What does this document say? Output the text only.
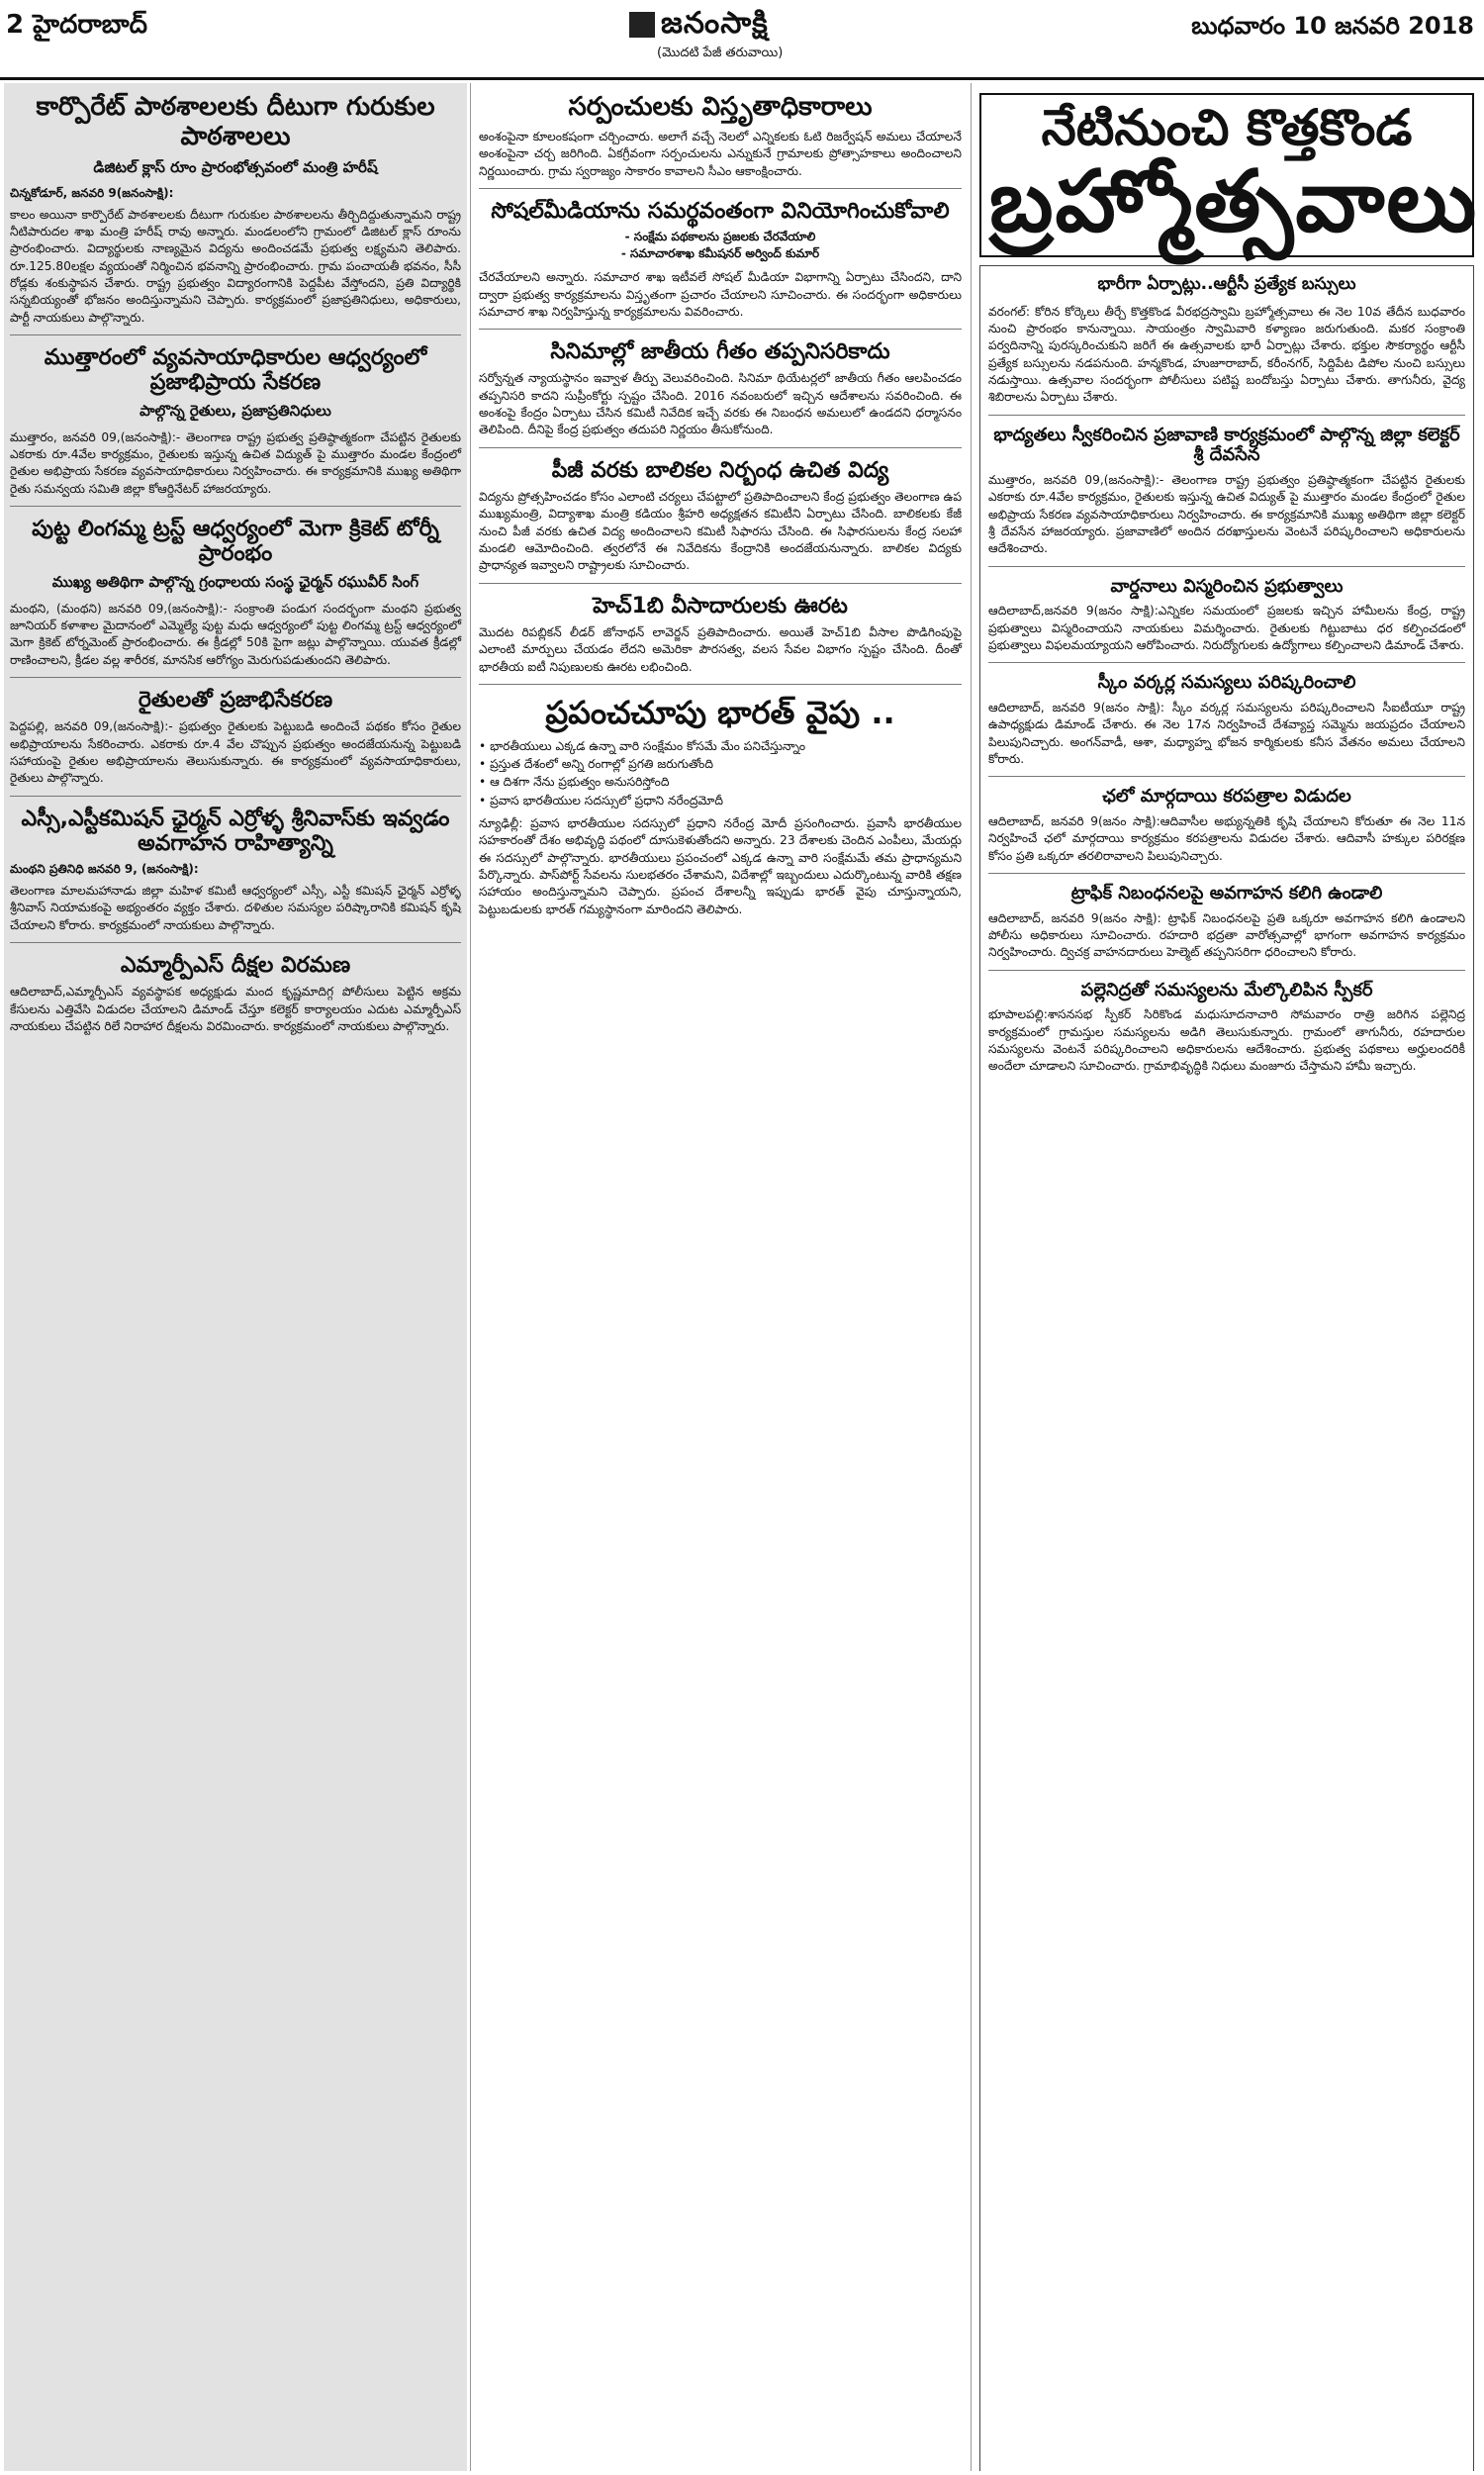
2 హైదరాబాద్	జనంసాక్షి
(మొదటి పేజీ తరువాయి)
బుధవారం 10 జనవరి 2018
కార్పొరేట్ పాఠశాలలకు దీటుగా గురుకుల పాఠశాలలు
డిజిటల్ క్లాస్ రూం ప్రారంభోత్సవంలో మంత్రి హరీష్
చిన్నకోడూర్, జనవరి 9(జనంసాక్షి):

కాలం అయినా కార్పొరేట్ పాఠశాలలకు దీటుగా గురుకుల పాఠశాలలను తీర్చిదిద్దుతున్నామని రాష్ట్ర నీటిపారుదల శాఖ మంత్రి హరీష్ రావు అన్నారు. మండలంలోని గ్రామంలో డిజిటల్ క్లాస్ రూంను ప్రారంభించారు. విద్యార్థులకు నాణ్యమైన విద్యను అందించడమే ప్రభుత్వ లక్ష్యమని తెలిపారు. రూ.125.80లక్షల వ్యయంతో నిర్మించిన భవనాన్ని ప్రారంభించారు. గ్రామ పంచాయతీ భవనం, సీసీ రోడ్లకు శంకుస్థాపన చేశారు. రాష్ట్ర ప్రభుత్వం విద్యారంగానికి పెద్దపీట వేస్తోందని, ప్రతి విద్యార్థికి సన్నబియ్యంతో భోజనం అందిస్తున్నామని చెప్పారు. కార్యక్రమంలో ప్రజాప్రతినిధులు, అధికారులు, పార్టీ నాయకులు పాల్గొన్నారు.

ముత్తారంలో వ్యవసాయాధికారుల ఆధ్వర్యంలో ప్రజాభిప్రాయ సేకరణ
పాల్గొన్న రైతులు, ప్రజాప్రతినిధులు

ముత్తారం, జనవరి 09,(జనంసాక్షి):- తెలంగాణ రాష్ట్ర ప్రభుత్వ ప్రతిష్ఠాత్మకంగా చేపట్టిన రైతులకు ఎకరాకు రూ.4వేల కార్యక్రమం, రైతులకు ఇస్తున్న ఉచిత విద్యుత్ పై ముత్తారం మండల కేంద్రంలో రైతుల అభిప్రాయ సేకరణ వ్యవసాయాధికారులు నిర్వహించారు. ఈ కార్యక్రమానికి ముఖ్య అతిథిగా రైతు సమన్వయ సమితి జిల్లా కోఆర్డినేటర్ హాజరయ్యారు.

పుట్ట లింగమ్మ ట్రస్ట్ ఆధ్వర్యంలో మెగా క్రికెట్ టోర్నీ ప్రారంభం
ముఖ్య అతిథిగా పాల్గొన్న గ్రంధాలయ సంస్థ ఛైర్మన్ రఘువీర్ సింగ్

మంథని, (మంథని) జనవరి 09,(జనంసాక్షి):- సంక్రాంతి పండుగ సందర్భంగా మంథని ప్రభుత్వ జూనియర్ కళాశాల మైదానంలో ఎమ్మెల్యే పుట్ట మధు ఆధ్వర్యంలో పుట్ట లింగమ్మ ట్రస్ట్ ఆధ్వర్యంలో మెగా క్రికెట్ టోర్నమెంట్ ప్రారంభించారు. ఈ క్రీడల్లో 50కి పైగా జట్లు పాల్గొన్నాయి. యువత క్రీడల్లో రాణించాలని, క్రీడల వల్ల శారీరక, మానసిక ఆరోగ్యం మెరుగుపడుతుందని తెలిపారు.

రైతులతో ప్రజాభిసేకరణ

పెద్దపల్లి, జనవరి 09,(జనంసాక్షి):- ప్రభుత్వం రైతులకు పెట్టుబడి అందించే పథకం కోసం రైతుల అభిప్రాయాలను సేకరించారు. ఎకరాకు రూ.4 వేల చొప్పున ప్రభుత్వం అందజేయనున్న పెట్టుబడి సహాయంపై రైతుల అభిప్రాయాలను తెలుసుకున్నారు. ఈ కార్యక్రమంలో వ్యవసాయాధికారులు, రైతులు పాల్గొన్నారు.

ఎస్సీ,ఎస్టీకమిషన్ ఛైర్మన్ ఎర్రోళ్ళ శ్రీనివాస్‌కు ఇవ్వడం అవగాహన రాహిత్యాన్ని
మంథని ప్రతినిధి జనవరి 9, (జనంసాక్షి):

తెలంగాణ మాలమహానాడు జిల్లా మహిళ కమిటీ ఆధ్వర్యంలో ఎస్సీ, ఎస్టీ కమిషన్ ఛైర్మన్ ఎర్రోళ్ళ శ్రీనివాస్ నియామకంపై అభ్యంతరం వ్యక్తం చేశారు. దళితుల సమస్యల పరిష్కారానికి కమిషన్ కృషి చేయాలని కోరారు. కార్యక్రమంలో నాయకులు పాల్గొన్నారు.

ఎమ్మార్పీఎస్ దీక్షల విరమణ

ఆదిలాబాద్,ఎమ్మార్పీఎస్ వ్యవస్థాపక అధ్యక్షుడు మంద కృష్ణమాదిగ్గ పోలీసులు పెట్టిన అక్రమ కేసులను ఎత్తివేసి విడుదల చేయాలని డిమాండ్ చేస్తూ కలెక్టర్ కార్యాలయం ఎదుట ఎమ్మార్పీఎస్ నాయకులు చేపట్టిన రిలే నిరాహార దీక్షలను విరమించారు. కార్యక్రమంలో నాయకులు పాల్గొన్నారు.

సర్పంచులకు విస్తృతాధికారాలు

అంశంపైనా కూలంకషంగా చర్చించారు. అలాగే వచ్చే నెలలో ఎన్నికలకు ఓటి రిజర్వేషన్ అమలు చేయాలనే అంశంపైనా చర్చ జరిగింది. ఏకగ్రీవంగా సర్పంచులను ఎన్నుకునే గ్రామాలకు ప్రోత్సాహకాలు అందించాలని నిర్ణయించారు. గ్రామ స్వరాజ్యం సాకారం కావాలని సీఎం ఆకాంక్షించారు.

సోషల్‌మీడియాను సమర్థవంతంగా వినియోగించుకోవాలి
- సంక్షేమ పథకాలను ప్రజలకు చేరవేయాలి
- సమాచారశాఖ కమీషనర్ అర్వింద్ కుమార్

చేరవేయాలని అన్నారు. సమాచార శాఖ ఇటీవలే సోషల్ మీడియా విభాగాన్ని ఏర్పాటు చేసిందని, దాని ద్వారా ప్రభుత్వ కార్యక్రమాలను విస్తృతంగా ప్రచారం చేయాలని సూచించారు. ఈ సందర్భంగా అధికారులు సమాచార శాఖ నిర్వహిస్తున్న కార్యక్రమాలను వివరించారు.

సినిమాల్లో జాతీయ గీతం తప్పనిసరికాదు

సర్వోన్నత న్యాయస్థానం ఇవ్వాళ తీర్పు వెలువరించింది. సినిమా థియేటర్లలో జాతీయ గీతం ఆలపించడం తప్పనిసరి కాదని సుప్రీంకోర్టు స్పష్టం చేసింది. 2016 నవంబరులో ఇచ్చిన ఆదేశాలను సవరించింది. ఈ అంశంపై కేంద్రం ఏర్పాటు చేసిన కమిటీ నివేదిక ఇచ్చే వరకు ఈ నిబంధన అమలులో ఉండదని ధర్మాసనం తెలిపింది. దీనిపై కేంద్ర ప్రభుత్వం తదుపరి నిర్ణయం తీసుకోనుంది.

పీజీ వరకు బాలికల నిర్బంధ ఉచిత విద్య

విద్యను ప్రోత్సహించడం కోసం ఎలాంటి చర్యలు చేపట్టాలో ప్రతిపాదించాలని కేంద్ర ప్రభుత్వం తెలంగాణ ఉప ముఖ్యమంత్రి, విద్యాశాఖ మంత్రి కడియం శ్రీహరి అధ్యక్షతన కమిటీని ఏర్పాటు చేసింది. బాలికలకు కేజీ నుంచి పీజీ వరకు ఉచిత విద్య అందించాలని కమిటీ సిఫారసు చేసింది. ఈ సిఫారసులను కేంద్ర సలహా మండలి ఆమోదించింది. త్వరలోనే ఈ నివేదికను కేంద్రానికి అందజేయనున్నారు. బాలికల విద్యకు ప్రాధాన్యత ఇవ్వాలని రాష్ట్రాలకు సూచించారు.

హెచ్1బి వీసాదారులకు ఊరట

మొదట రిపబ్లికన్ లీడర్ జోనాథన్ లావెర్జన్ ప్రతిపాదించారు. అయితే హెచ్1బి వీసాల పొడిగింపుపై ఎలాంటి మార్పులు చేయడం లేదని అమెరికా పౌరసత్వ, వలస సేవల విభాగం స్పష్టం చేసింది. దీంతో భారతీయ ఐటీ నిపుణులకు ఊరట లభించింది.

ప్రపంచచూపు భారత్ వైపు ..
• భారతీయులు ఎక్కడ ఉన్నా వారి సంక్షేమం కోసమే మేం పనిచేస్తున్నాం
• ప్రస్తుత దేశంలో అన్ని రంగాల్లో ప్రగతి జరుగుతోంది
• ఆ దిశగా నేను ప్రభుత్వం అనుసరిస్తోంది
• ప్రవాస భారతీయుల సదస్సులో ప్రధాని నరేంద్రమోదీ

న్యూఢిల్లీ: ప్రవాస భారతీయుల సదస్సులో ప్రధాని నరేంద్ర మోదీ ప్రసంగించారు. ప్రవాసీ భారతీయుల సహకారంతో దేశం అభివృద్ధి పథంలో దూసుకెళుతోందని అన్నారు. 23 దేశాలకు చెందిన ఎంపీలు, మేయర్లు ఈ సదస్సులో పాల్గొన్నారు. భారతీయులు ప్రపంచంలో ఎక్కడ ఉన్నా వారి సంక్షేమమే తమ ప్రాధాన్యమని పేర్కొన్నారు. పాస్‌పోర్ట్ సేవలను సులభతరం చేశామని, విదేశాల్లో ఇబ్బందులు ఎదుర్కొంటున్న వారికి తక్షణ సహాయం అందిస్తున్నామని చెప్పారు. ప్రపంచ దేశాలన్నీ ఇప్పుడు భారత్ వైపు చూస్తున్నాయని, పెట్టుబడులకు భారత్ గమ్యస్థానంగా మారిందని తెలిపారు.

నేటినుంచి కొత్తకొండ
బ్రహ్మోత్సవాలు
భారీగా ఏర్పాట్లు..ఆర్టీసీ ప్రత్యేక బస్సులు

వరంగల్: కోరిన కోర్కెలు తీర్చే కొత్తకొండ వీరభద్రస్వామి బ్రహ్మోత్సవాలు ఈ నెల 10వ తేదీన బుధవారం నుంచి ప్రారంభం కానున్నాయి. సాయంత్రం స్వామివారి కళ్యాణం జరుగుతుంది. మకర సంక్రాంతి పర్వదినాన్ని పురస్కరించుకుని జరిగే ఈ ఉత్సవాలకు భారీ ఏర్పాట్లు చేశారు. భక్తుల సౌకర్యార్థం ఆర్టీసీ ప్రత్యేక బస్సులను నడపనుంది. హన్మకొండ, హుజూరాబాద్, కరీంనగర్, సిద్దిపేట డిపోల నుంచి బస్సులు నడుస్తాయి. ఉత్సవాల సందర్భంగా పోలీసులు పటిష్ట బందోబస్తు ఏర్పాటు చేశారు. తాగునీరు, వైద్య శిబిరాలను ఏర్పాటు చేశారు.

భాద్యతలు స్వీకరించిన ప్రజావాణి కార్యక్రమంలో పాల్గొన్న జిల్లా కలెక్టర్ శ్రీ దేవసేన

ముత్తారం, జనవరి 09,(జనంసాక్షి):- తెలంగాణ రాష్ట్ర ప్రభుత్వం ప్రతిష్ఠాత్మకంగా చేపట్టిన రైతులకు ఎకరాకు రూ.4వేల కార్యక్రమం, రైతులకు ఇస్తున్న ఉచిత విద్యుత్ పై ముత్తారం మండల కేంద్రంలో రైతుల అభిప్రాయ సేకరణ వ్యవసాయాధికారులు నిర్వహించారు. ఈ కార్యక్రమానికి ముఖ్య అతిథిగా జిల్లా కలెక్టర్ శ్రీ దేవసేన హాజరయ్యారు. ప్రజావాణిలో అందిన దరఖాస్తులను వెంటనే పరిష్కరించాలని అధికారులను ఆదేశించారు.

వార్డనాలు విస్మరించిన ప్రభుత్వాలు

ఆదిలాబాద్,జనవరి 9(జనం సాక్షి):ఎన్నికల సమయంలో ప్రజలకు ఇచ్చిన హామీలను కేంద్ర, రాష్ట్ర ప్రభుత్వాలు విస్మరించాయని నాయకులు విమర్శించారు. రైతులకు గిట్టుబాటు ధర కల్పించడంలో ప్రభుత్వాలు విఫలమయ్యాయని ఆరోపించారు. నిరుద్యోగులకు ఉద్యోగాలు కల్పించాలని డిమాండ్ చేశారు.

స్కీం వర్కర్ల సమస్యలు పరిష్కరించాలి

ఆదిలాబాద్, జనవరి 9(జనం సాక్షి): స్కీం వర్కర్ల సమస్యలను పరిష్కరించాలని సీఐటీయూ రాష్ట్ర ఉపాధ్యక్షుడు డిమాండ్ చేశారు. ఈ నెల 17న నిర్వహించే దేశవ్యాప్త సమ్మెను జయప్రదం చేయాలని పిలుపునిచ్చారు. అంగన్‌వాడీ, ఆశా, మధ్యాహ్న భోజన కార్మికులకు కనీస వేతనం అమలు చేయాలని కోరారు.

ఛలో మార్గదాయి కరపత్రాల విడుదల

ఆదిలాబాద్, జనవరి 9(జనం సాక్షి):ఆదివాసీల అభ్యున్నతికి కృషి చేయాలని కోరుతూ ఈ నెల 11న నిర్వహించే ఛలో మార్గదాయి కార్యక్రమం కరపత్రాలను విడుదల చేశారు. ఆదివాసీ హక్కుల పరిరక్షణ కోసం ప్రతి ఒక్కరూ తరలిరావాలని పిలుపునిచ్చారు.

ట్రాఫిక్ నిబంధనలపై అవగాహన కలిగి ఉండాలి

ఆదిలాబాద్, జనవరి 9(జనం సాక్షి): ట్రాఫిక్ నిబంధనలపై ప్రతి ఒక్కరూ అవగాహన కలిగి ఉండాలని పోలీసు అధికారులు సూచించారు. రహదారి భద్రతా వారోత్సవాల్లో భాగంగా అవగాహన కార్యక్రమం నిర్వహించారు. ద్విచక్ర వాహనదారులు హెల్మెట్ తప్పనిసరిగా ధరించాలని కోరారు.

పల్లెనిద్రతో సమస్యలను మేల్కొలిపిన స్పీకర్

భూపాలపల్లి:శాసనసభ స్పీకర్ సిరికొండ మధుసూదనాచారి సోమవారం రాత్రి జరిగిన పల్లెనిద్ర కార్యక్రమంలో గ్రామస్తుల సమస్యలను అడిగి తెలుసుకున్నారు. గ్రామంలో తాగునీరు, రహదారుల సమస్యలను వెంటనే పరిష్కరించాలని అధికారులను ఆదేశించారు. ప్రభుత్వ పథకాలు అర్హులందరికీ అందేలా చూడాలని సూచించారు. గ్రామాభివృద్ధికి నిధులు మంజూరు చేస్తామని హామీ ఇచ్చారు.
